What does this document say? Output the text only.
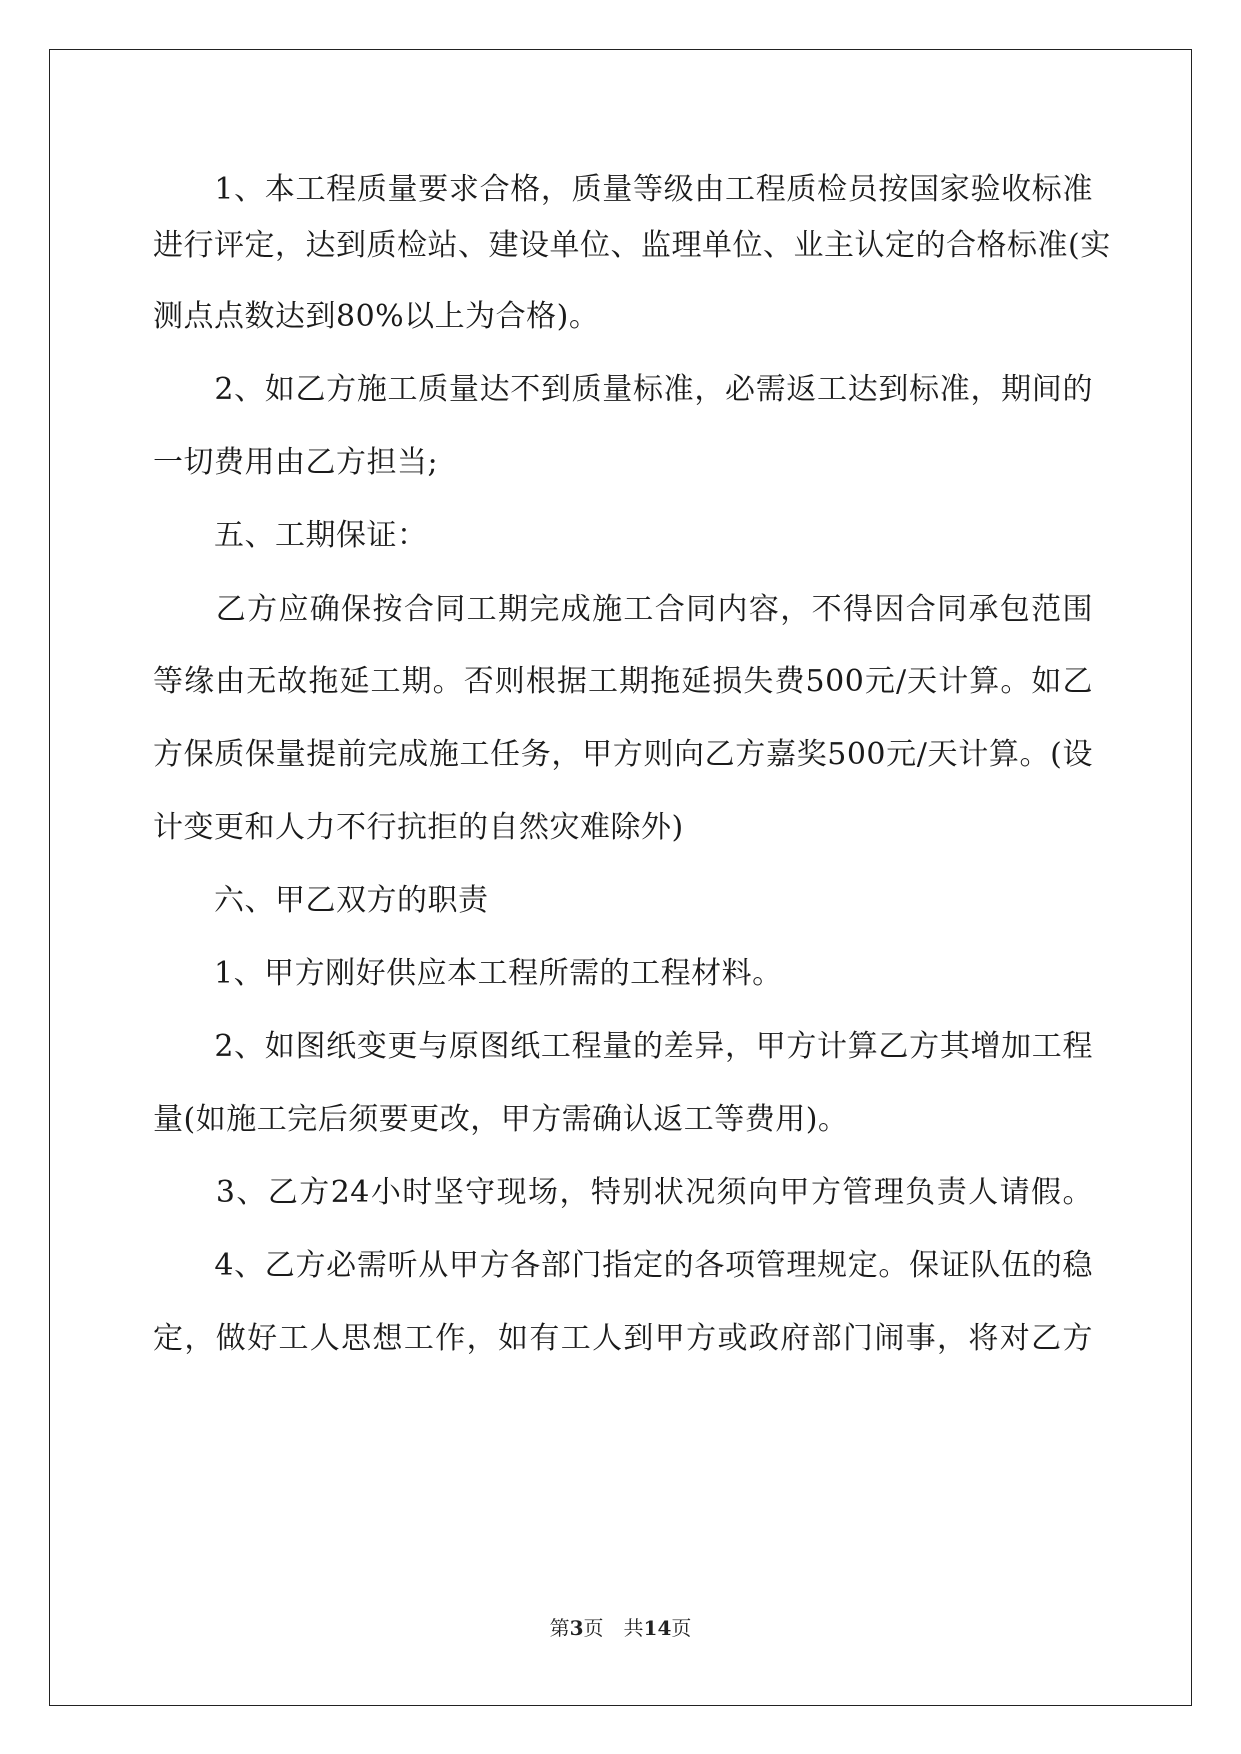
　　1、本工程质量要求合格，质量等级由工程质检员按国家验收标准
进行评定，达到质检站、建设单位、监理单位、业主认定的合格标准(实
测点点数达到80%以上为合格)。
　　2、如乙方施工质量达不到质量标准，必需返工达到标准，期间的
一切费用由乙方担当;
　　五、工期保证：
　　乙方应确保按合同工期完成施工合同内容，不得因合同承包范围
等缘由无故拖延工期。否则根据工期拖延损失费500元/天计算。如乙
方保质保量提前完成施工任务，甲方则向乙方嘉奖500元/天计算。(设
计变更和人力不行抗拒的自然灾难除外)
　　六、甲乙双方的职责
　　1、甲方刚好供应本工程所需的工程材料。
　　2、如图纸变更与原图纸工程量的差异，甲方计算乙方其增加工程
量(如施工完后须要更改，甲方需确认返工等费用)。
　　3、乙方24小时坚守现场，特别状况须向甲方管理负责人请假。
　　4、乙方必需听从甲方各部门指定的各项管理规定。保证队伍的稳
定，做好工人思想工作，如有工人到甲方或政府部门闹事，将对乙方
第3页 共14页
